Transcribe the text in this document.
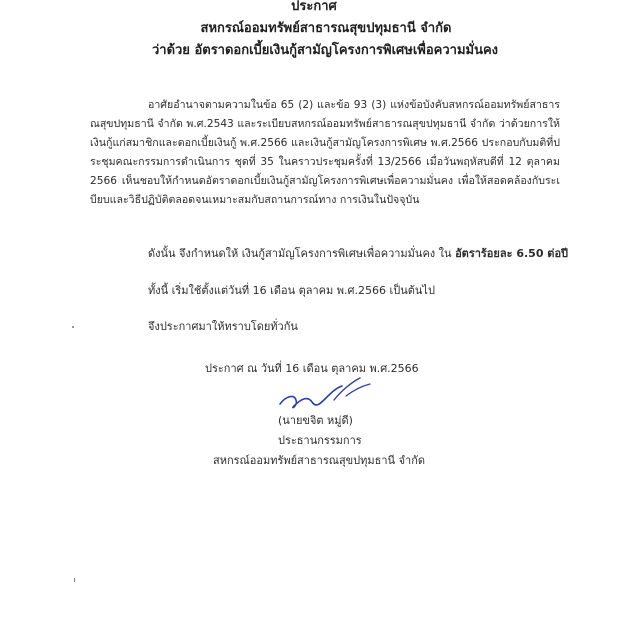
ประกาศ
สหกรณ์ออมทรัพย์สาธารณสุขปทุมธานี จำกัด
ว่าด้วย อัตราดอกเบี้ยเงินกู้สามัญโครงการพิเศษเพื่อความมั่นคง

อาศัยอำนาจตามความในข้อ 65 (2) และข้อ 93 (3) แห่งข้อบังคับสหกรณ์ออมทรัพย์สาธารณสุขปทุมธานี จำกัด พ.ศ.2543 และระเบียบสหกรณ์ออมทรัพย์สาธารณสุขปทุมธานี จำกัด ว่าด้วยการให้เงินกู้แก่สมาชิกและดอกเบี้ยเงินกู้ พ.ศ.2566 และเงินกู้สามัญโครงการพิเศษ พ.ศ.2566 ประกอบกับมติที่ประชุมคณะกรรมการดำเนินการ ชุดที่ 35 ในคราวประชุมครั้งที่ 13/2566 เมื่อวันพฤหัสบดีที่ 12 ตุลาคม 2566 เห็นชอบให้กำหนดอัตราดอกเบี้ยเงินกู้สามัญโครงการพิเศษเพื่อความมั่นคง เพื่อให้สอดคล้องกับระเบียบและวิธีปฏิบัติตลอดจนเหมาะสมกับสถานการณ์ทาง การเงินในปัจจุบัน

ดังนั้น จึงกำหนดให้ เงินกู้สามัญโครงการพิเศษเพื่อความมั่นคง ใน อัตราร้อยละ 6.50 ต่อปี
ทั้งนี้ เริ่มใช้ตั้งแต่วันที่ 16 เดือน ตุลาคม พ.ศ.2566 เป็นต้นไป
จึงประกาศมาให้ทราบโดยทั่วกัน
ประกาศ ณ วันที่ 16 เดือน ตุลาคม พ.ศ.2566
(นายขจิต หมู่ดี)
ประธานกรรมการ
สหกรณ์ออมทรัพย์สาธารณสุขปทุมธานี จำกัด
